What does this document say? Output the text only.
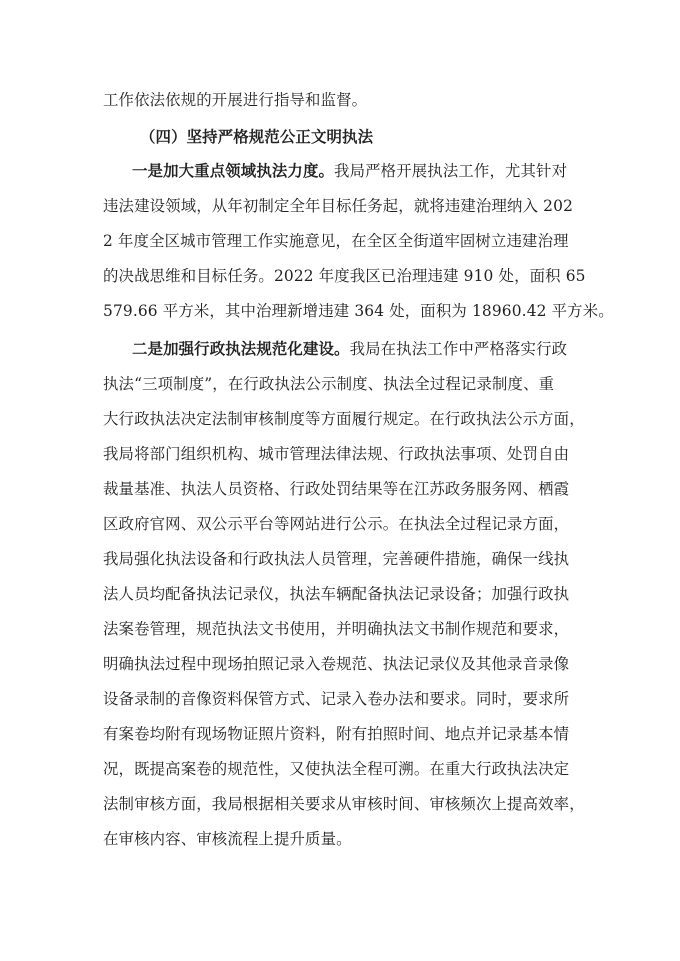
工作依法依规的开展进行指导和监督。
（四）坚持严格规范公正文明执法
一是加大重点领域执法力度。我局严格开展执法工作，尤其针对
违法建设领域，从年初制定全年目标任务起，就将违建治理纳入 202
2 年度全区城市管理工作实施意见，在全区全街道牢固树立违建治理
的决战思维和目标任务。2022 年度我区已治理违建 910 处，面积 65
579.66 平方米，其中治理新增违建 364 处，面积为 18960.42 平方米。
二是加强行政执法规范化建设。我局在执法工作中严格落实行政
执法“三项制度”，在行政执法公示制度、执法全过程记录制度、重
大行政执法决定法制审核制度等方面履行规定。在行政执法公示方面，
我局将部门组织机构、城市管理法律法规、行政执法事项、处罚自由
裁量基准、执法人员资格、行政处罚结果等在江苏政务服务网、栖霞
区政府官网、双公示平台等网站进行公示。在执法全过程记录方面，
我局强化执法设备和行政执法人员管理，完善硬件措施，确保一线执
法人员均配备执法记录仪，执法车辆配备执法记录设备；加强行政执
法案卷管理，规范执法文书使用，并明确执法文书制作规范和要求，
明确执法过程中现场拍照记录入卷规范、执法记录仪及其他录音录像
设备录制的音像资料保管方式、记录入卷办法和要求。同时，要求所
有案卷均附有现场物证照片资料，附有拍照时间、地点并记录基本情
况，既提高案卷的规范性，又使执法全程可溯。在重大行政执法决定
法制审核方面，我局根据相关要求从审核时间、审核频次上提高效率，
在审核内容、审核流程上提升质量。
